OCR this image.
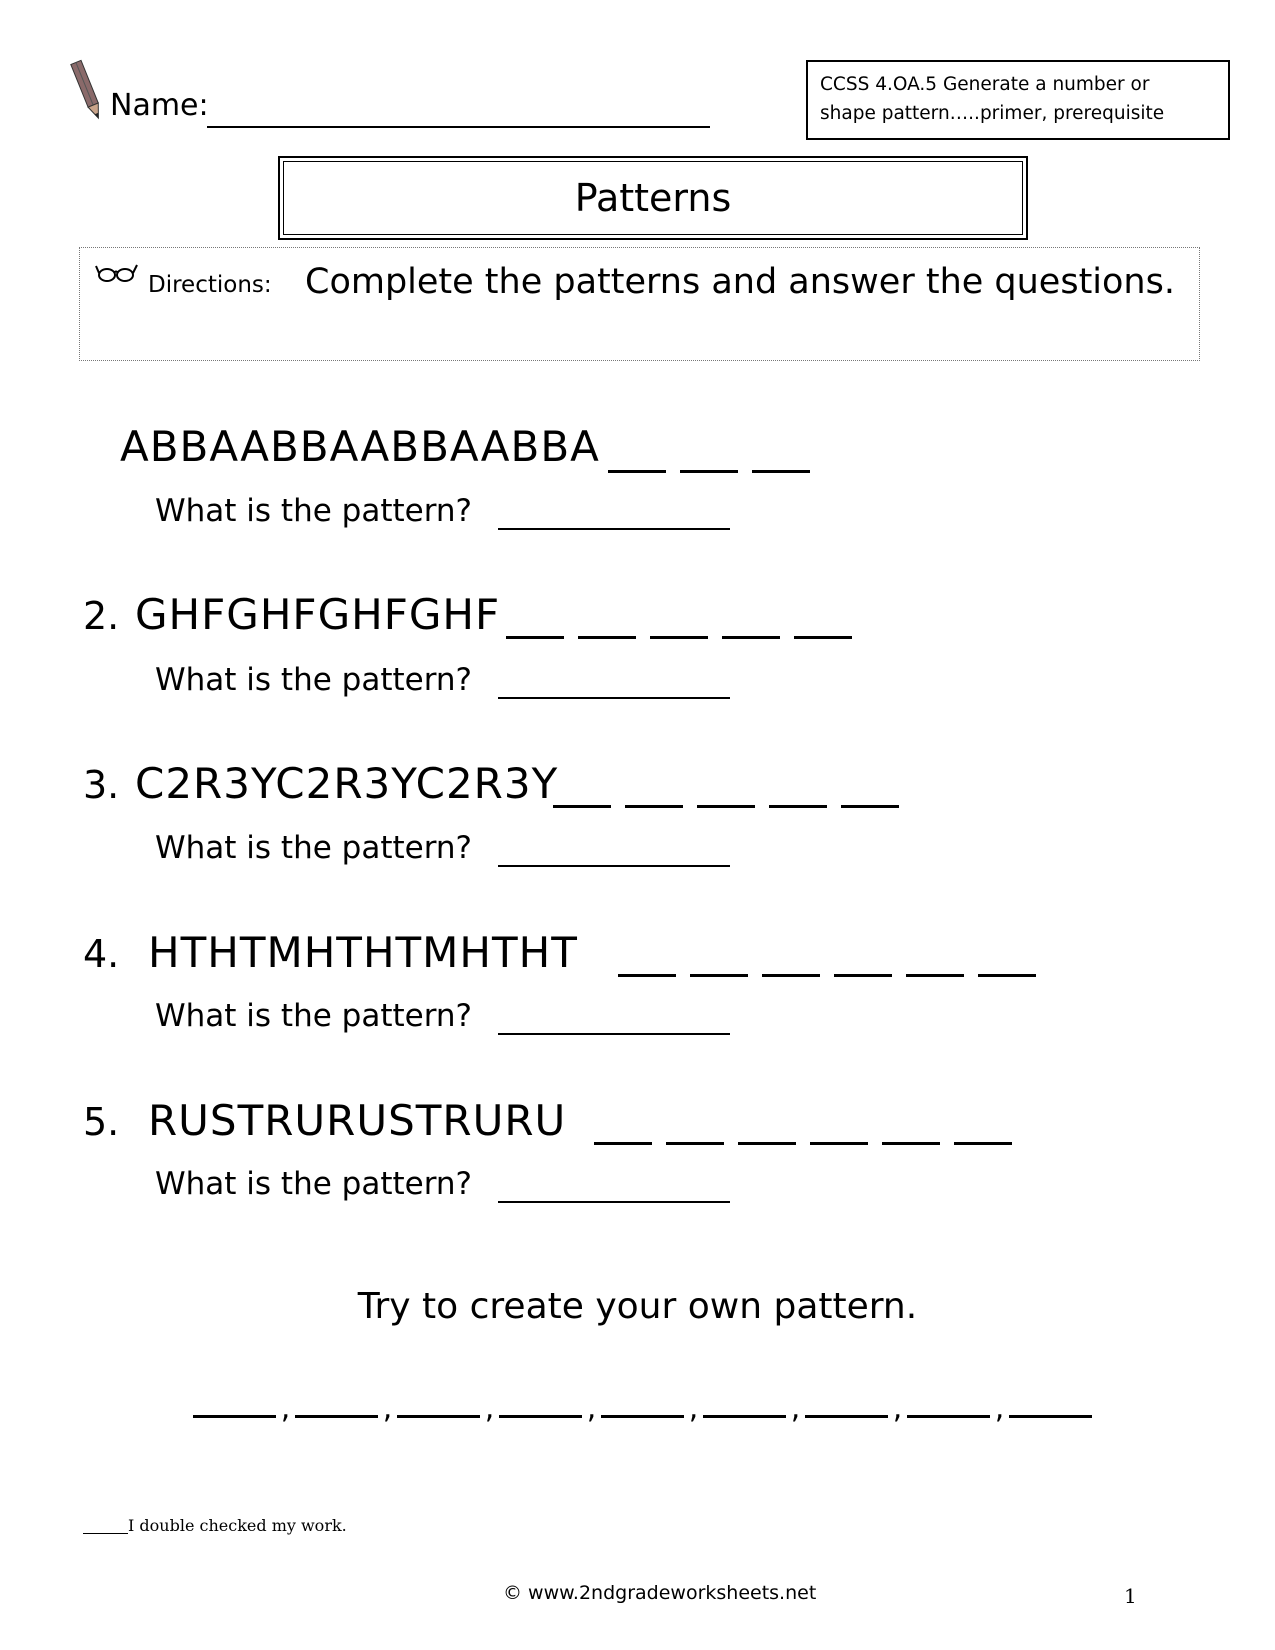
Name:
CCSS 4.OA.5 Generate a number or
shape pattern…..primer, prerequisite
Patterns
Directions: Complete the patterns and answer the questions.
ABBAABBAABBAABBA
What is the pattern?
2. GHFGHFGHFGHF
What is the pattern?
3. C2R3YC2R3YC2R3Y
What is the pattern?
4. HTHTMHTHTMHTHT
What is the pattern?
5. RUSTRURUSTRURU
What is the pattern?
Try to create your own pattern.
,	,	,	,	,	,	,	,
I double checked my work.
© www.2ndgradeworksheets.net	1
